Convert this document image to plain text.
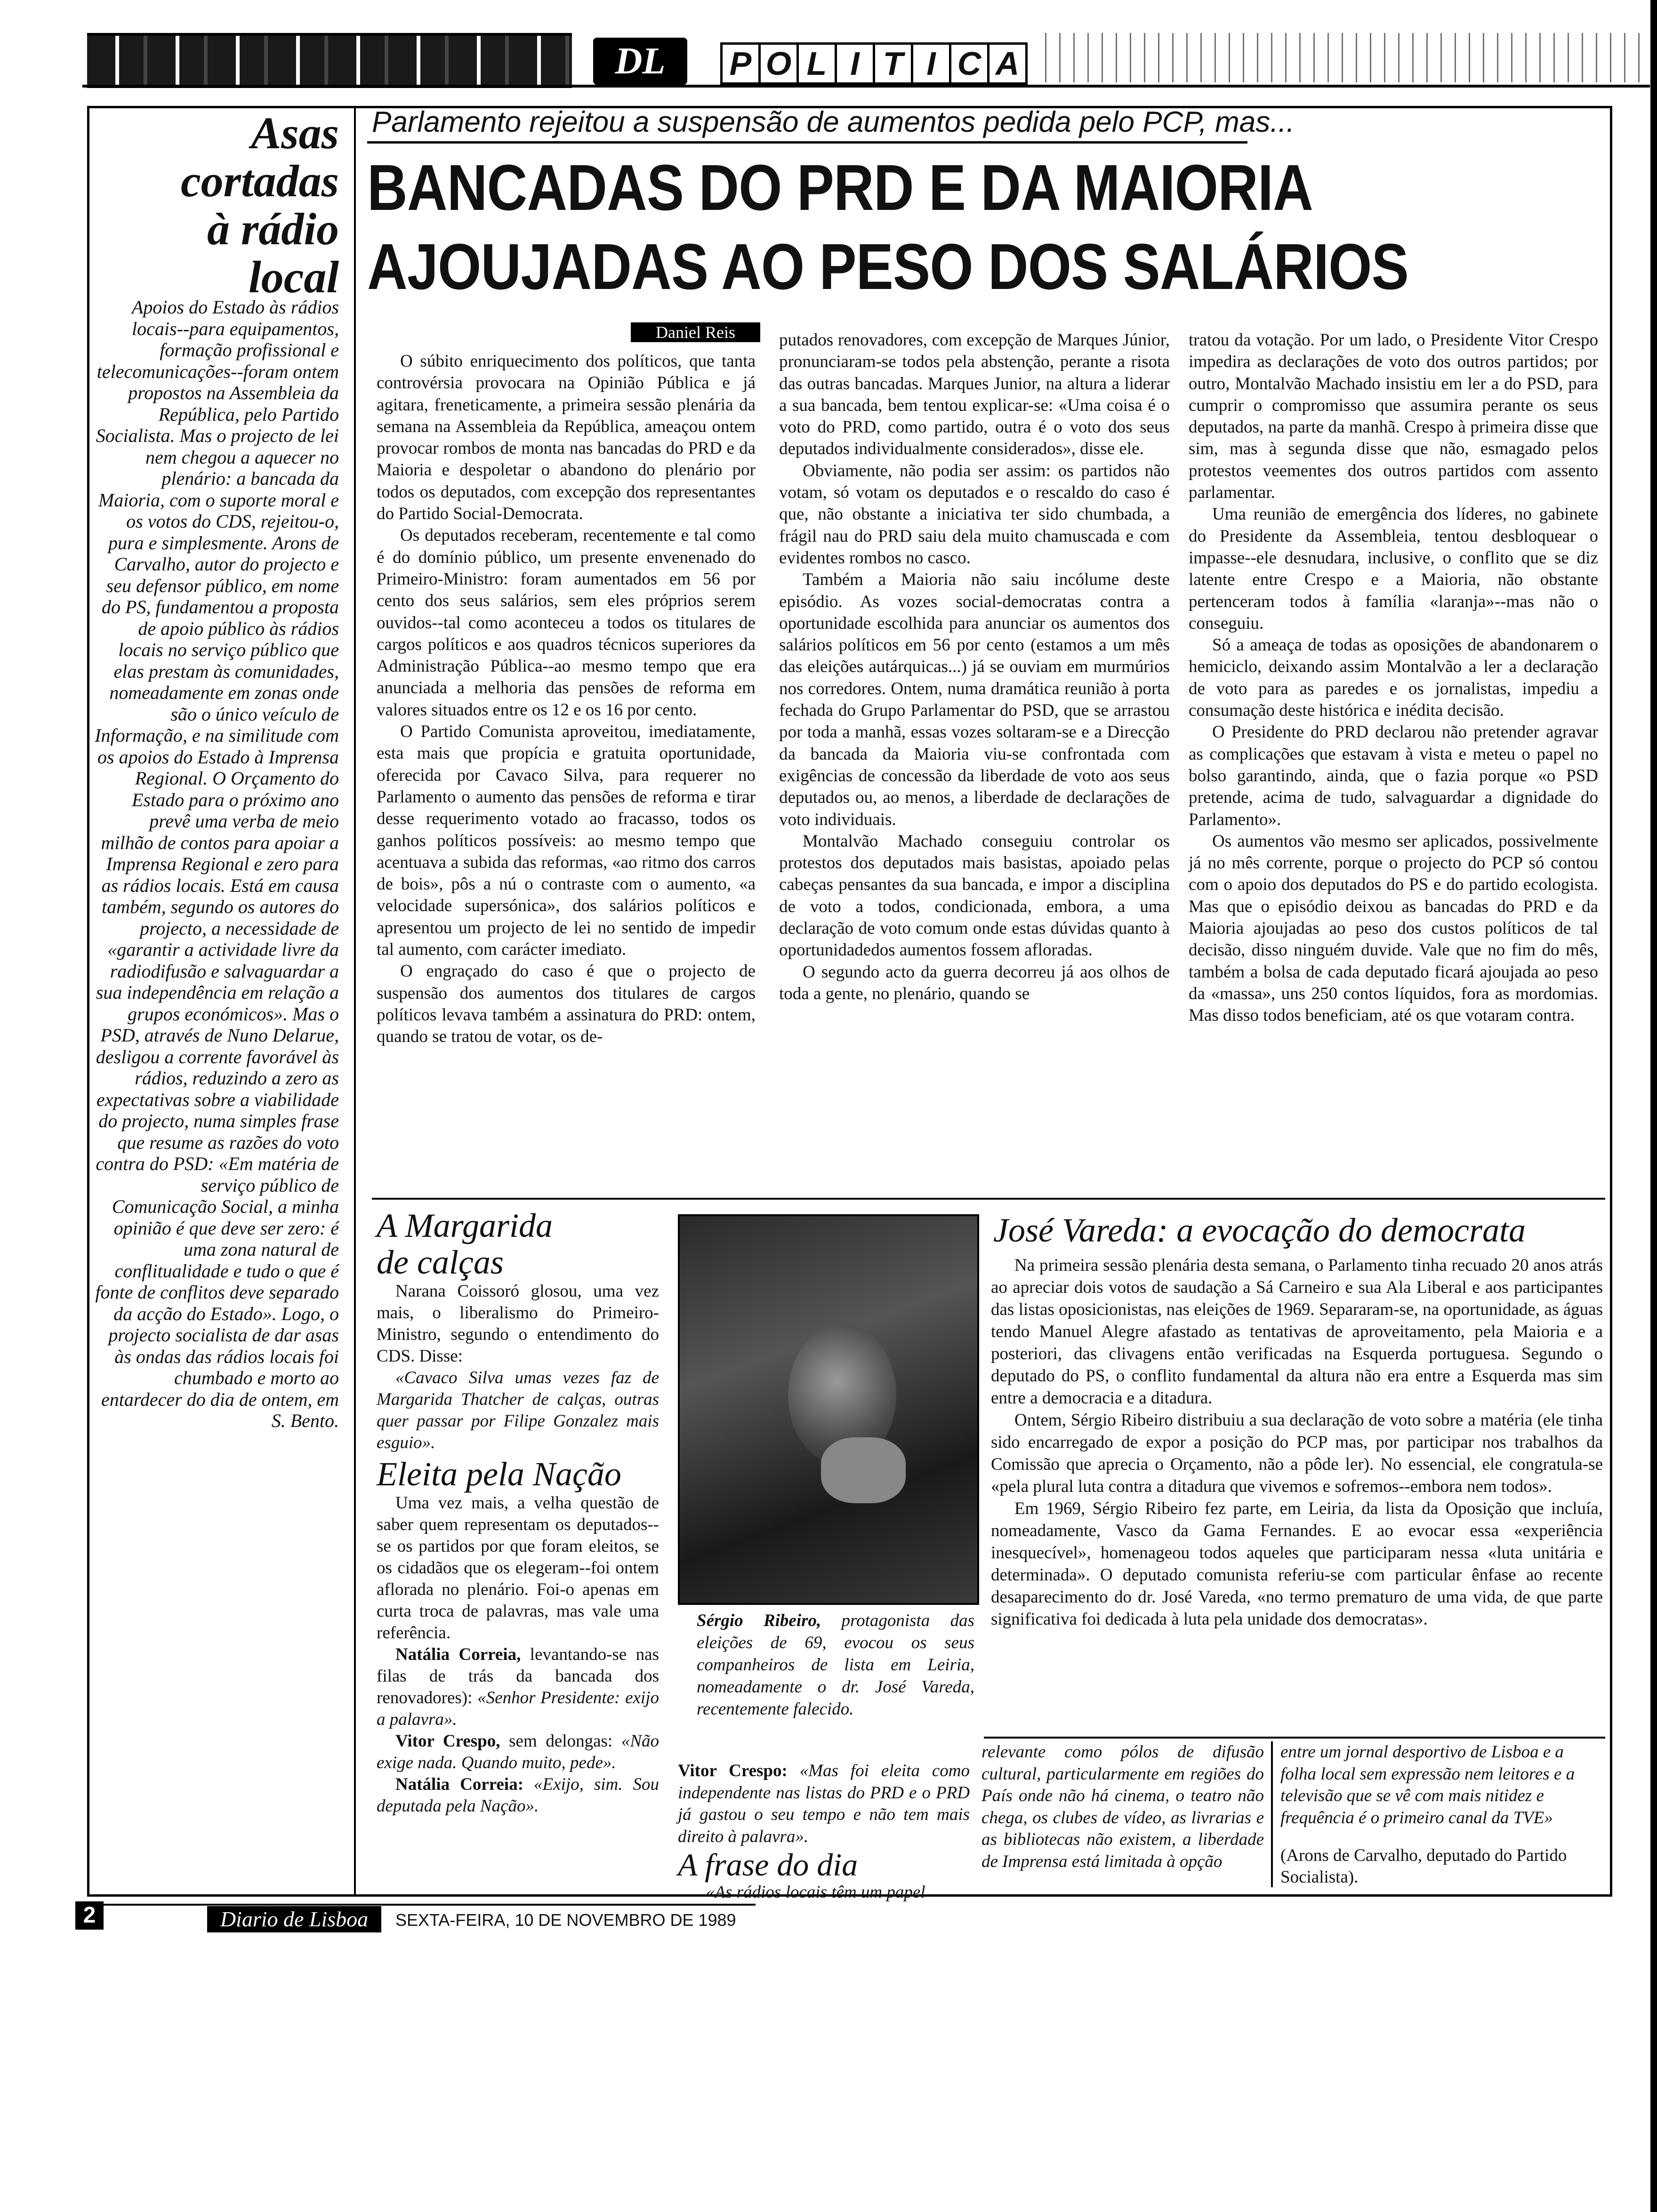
DL	P O L I T I C A
Asas
cortadas
à rádio
local
Apoios do Estado às rádios locais--para equipamentos, formação profissional e telecomunicações--foram ontem propostos na Assembleia da República, pelo Partido Socialista. Mas o projecto de lei nem chegou a aquecer no plenário: a bancada da Maioria, com o suporte moral e os votos do CDS, rejeitou-o, pura e simplesmente. Arons de Carvalho, autor do projecto e seu defensor público, em nome do PS, fundamentou a proposta de apoio público às rádios locais no serviço público que elas prestam às comunidades, nomeadamente em zonas onde são o único veículo de Informação, e na similitude com os apoios do Estado à Imprensa Regional. O Orçamento do Estado para o próximo ano prevê uma verba de meio milhão de contos para apoiar a Imprensa Regional e zero para as rádios locais. Está em causa também, segundo os autores do projecto, a necessidade de «garantir a actividade livre da radiodifusão e salvaguardar a sua independência em relação a grupos económicos». Mas o PSD, através de Nuno Delarue, desligou a corrente favorável às rádios, reduzindo a zero as expectativas sobre a viabilidade do projecto, numa simples frase que resume as razões do voto contra do PSD: «Em matéria de serviço público de Comunicação Social, a minha opinião é que deve ser zero: é uma zona natural de conflitualidade e tudo o que é fonte de conflitos deve separado da acção do Estado». Logo, o projecto socialista de dar asas às ondas das rádios locais foi chumbado e morto ao entardecer do dia de ontem, em S. Bento.
Parlamento rejeitou a suspensão de aumentos pedida pelo PCP, mas...
BANCADAS DO PRD E DA MAIORIA
AJOUJADAS AO PESO DOS SALÁRIOS
Daniel Reis

O súbito enriquecimento dos políticos, que tanta controvérsia provocara na Opinião Pública e já agitara, freneticamente, a primeira sessão plenária da semana na Assembleia da República, ameaçou ontem provocar rombos de monta nas bancadas do PRD e da Maioria e despoletar o abandono do plenário por todos os deputados, com excepção dos representantes do Partido Social-Democrata.

Os deputados receberam, recentemente e tal como é do domínio público, um presente envenenado do Primeiro-Ministro: foram aumentados em 56 por cento dos seus salários, sem eles próprios serem ouvidos--tal como aconteceu a todos os titulares de cargos políticos e aos quadros técnicos superiores da Administração Pública--ao mesmo tempo que era anunciada a melhoria das pensões de reforma em valores situados entre os 12 e os 16 por cento.

O Partido Comunista aproveitou, imediatamente, esta mais que propícia e gratuita oportunidade, oferecida por Cavaco Silva, para requerer no Parlamento o aumento das pensões de reforma e tirar desse requerimento votado ao fracasso, todos os ganhos políticos possíveis: ao mesmo tempo que acentuava a subida das reformas, «ao ritmo dos carros de bois», pôs a nú o contraste com o aumento, «a velocidade supersónica», dos salários políticos e apresentou um projecto de lei no sentido de impedir tal aumento, com carácter imediato.

O engraçado do caso é que o projecto de suspensão dos aumentos dos titulares de cargos políticos levava também a assinatura do PRD: ontem, quando se tratou de votar, os de-

putados renovadores, com excepção de Marques Júnior, pronunciaram-se todos pela abstenção, perante a risota das outras bancadas. Marques Junior, na altura a liderar a sua bancada, bem tentou explicar-se: «Uma coisa é o voto do PRD, como partido, outra é o voto dos seus deputados individualmente considerados», disse ele.

Obviamente, não podia ser assim: os partidos não votam, só votam os deputados e o rescaldo do caso é que, não obstante a iniciativa ter sido chumbada, a frágil nau do PRD saiu dela muito chamuscada e com evidentes rombos no casco.

Também a Maioria não saiu incólume deste episódio. As vozes social-democratas contra a oportunidade escolhida para anunciar os aumentos dos salários políticos em 56 por cento (estamos a um mês das eleições autárquicas...) já se ouviam em murmúrios nos corredores. Ontem, numa dramática reunião à porta fechada do Grupo Parlamentar do PSD, que se arrastou por toda a manhã, essas vozes soltaram-se e a Direcção da bancada da Maioria viu-se confrontada com exigências de concessão da liberdade de voto aos seus deputados ou, ao menos, a liberdade de declarações de voto individuais.

Montalvão Machado conseguiu controlar os protestos dos deputados mais basistas, apoiado pelas cabeças pensantes da sua bancada, e impor a disciplina de voto a todos, condicionada, embora, a uma declaração de voto comum onde estas dúvidas quanto à oportunidadedos aumentos fossem afloradas.

O segundo acto da guerra decorreu já aos olhos de toda a gente, no plenário, quando se

tratou da votação. Por um lado, o Presidente Vitor Crespo impedira as declarações de voto dos outros partidos; por outro, Montalvão Machado insistiu em ler a do PSD, para cumprir o compromisso que assumira perante os seus deputados, na parte da manhã. Crespo à primeira disse que sim, mas à segunda disse que não, esmagado pelos protestos veementes dos outros partidos com assento parlamentar.

Uma reunião de emergência dos líderes, no gabinete do Presidente da Assembleia, tentou desbloquear o impasse--ele desnudara, inclusive, o conflito que se diz latente entre Crespo e a Maioria, não obstante pertenceram todos à família «laranja»--mas não o conseguiu.

Só a ameaça de todas as oposições de abandonarem o hemiciclo, deixando assim Montalvão a ler a declaração de voto para as paredes e os jornalistas, impediu a consumação deste histórica e inédita decisão.

O Presidente do PRD declarou não pretender agravar as complicações que estavam à vista e meteu o papel no bolso garantindo, ainda, que o fazia porque «o PSD pretende, acima de tudo, salvaguardar a dignidade do Parlamento».

Os aumentos vão mesmo ser aplicados, possivelmente já no mês corrente, porque o projecto do PCP só contou com o apoio dos deputados do PS e do partido ecologista. Mas que o episódio deixou as bancadas do PRD e da Maioria ajoujadas ao peso dos custos políticos de tal decisão, disso ninguém duvide. Vale que no fim do mês, também a bolsa de cada deputado ficará ajoujada ao peso da «massa», uns 250 contos líquidos, fora as mordomias. Mas disso todos beneficiam, até os que votaram contra.

A Margarida
de calças

Narana Coissoró glosou, uma vez mais, o liberalismo do Primeiro-Ministro, segundo o entendimento do CDS. Disse:

«Cavaco Silva umas vezes faz de Margarida Thatcher de calças, outras quer passar por Filipe Gonzalez mais esguio».

Eleita pela Nação

Uma vez mais, a velha questão de saber quem representam os deputados--se os partidos por que foram eleitos, se os cidadãos que os elegeram--foi ontem aflorada no plenário. Foi-o apenas em curta troca de palavras, mas vale uma referência.

Natália Correia, levantando-se nas filas de trás da bancada dos renovadores): «Senhor Presidente: exijo a palavra».

Vitor Crespo, sem delongas: «Não exige nada. Quando muito, pede».

Natália Correia: «Exijo, sim. Sou deputada pela Nação».

Sérgio Ribeiro, protagonista das eleições de 69, evocou os seus companheiros de lista em Leiria, nomeadamente o dr. José Vareda, recentemente falecido.

Vitor Crespo: «Mas foi eleita como independente nas listas do PRD e o PRD já gastou o seu tempo e não tem mais direito à palavra».

A frase do dia

«As rádios locais têm um papel

José Vareda: a evocação do democrata

Na primeira sessão plenária desta semana, o Parlamento tinha recuado 20 anos atrás ao apreciar dois votos de saudação a Sá Carneiro e sua Ala Liberal e aos participantes das listas oposicionistas, nas eleições de 1969. Separaram-se, na oportunidade, as águas tendo Manuel Alegre afastado as tentativas de aproveitamento, pela Maioria e a posteriori, das clivagens então verificadas na Esquerda portuguesa. Segundo o deputado do PS, o conflito fundamental da altura não era entre a Esquerda mas sim entre a democracia e a ditadura.

Ontem, Sérgio Ribeiro distribuiu a sua declaração de voto sobre a matéria (ele tinha sido encarregado de expor a posição do PCP mas, por participar nos trabalhos da Comissão que aprecia o Orçamento, não a pôde ler). No essencial, ele congratula-se «pela plural luta contra a ditadura que vivemos e sofremos--embora nem todos».

Em 1969, Sérgio Ribeiro fez parte, em Leiria, da lista da Oposição que incluía, nomeadamente, Vasco da Gama Fernandes. E ao evocar essa «experiência inesquecível», homenageou todos aqueles que participaram nessa «luta unitária e determinada». O deputado comunista referiu-se com particular ênfase ao recente desaparecimento do dr. José Vareda, «no termo prematuro de uma vida, de que parte significativa foi dedicada à luta pela unidade dos democratas».

relevante como pólos de difusão cultural, particularmente em regiões do País onde não há cinema, o teatro não chega, os clubes de vídeo, as livrarias e as bibliotecas não existem, a liberdade de Imprensa está limitada à opção
entre um jornal desportivo de Lisboa e a folha local sem expressão nem leitores e a televisão que se vê com mais nitidez e frequência é o primeiro canal da TVE»
(Arons de Carvalho, deputado do Partido Socialista).
2	Diario de Lisboa	SEXTA-FEIRA, 10 DE NOVEMBRO DE 1989
